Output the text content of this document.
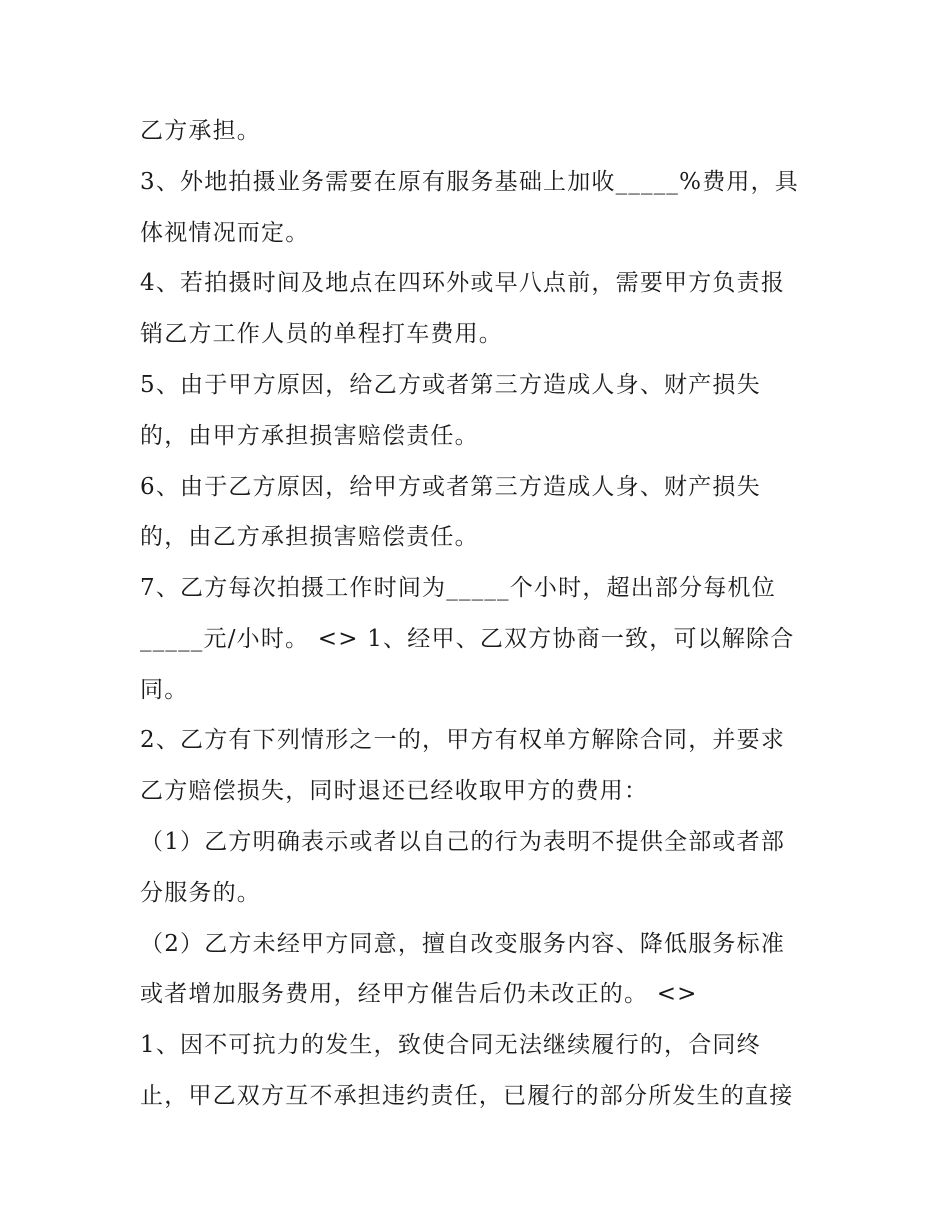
乙方承担。
3、外地拍摄业务需要在原有服务基础上加收_____%费用，具
体视情况而定。
4、若拍摄时间及地点在四环外或早八点前，需要甲方负责报
销乙方工作人员的单程打车费用。
5、由于甲方原因，给乙方或者第三方造成人身、财产损失
的，由甲方承担损害赔偿责任。
6、由于乙方原因，给甲方或者第三方造成人身、财产损失
的，由乙方承担损害赔偿责任。
7、乙方每次拍摄工作时间为_____个小时，超出部分每机位
_____元/小时。 <> 1、经甲、乙双方协商一致，可以解除合
同。
2、乙方有下列情形之一的，甲方有权单方解除合同，并要求
乙方赔偿损失，同时退还已经收取甲方的费用：
（1）乙方明确表示或者以自己的行为表明不提供全部或者部
分服务的。
（2）乙方未经甲方同意，擅自改变服务内容、降低服务标准
或者增加服务费用，经甲方催告后仍未改正的。 <>
1、因不可抗力的发生，致使合同无法继续履行的，合同终
止，甲乙双方互不承担违约责任，已履行的部分所发生的直接
